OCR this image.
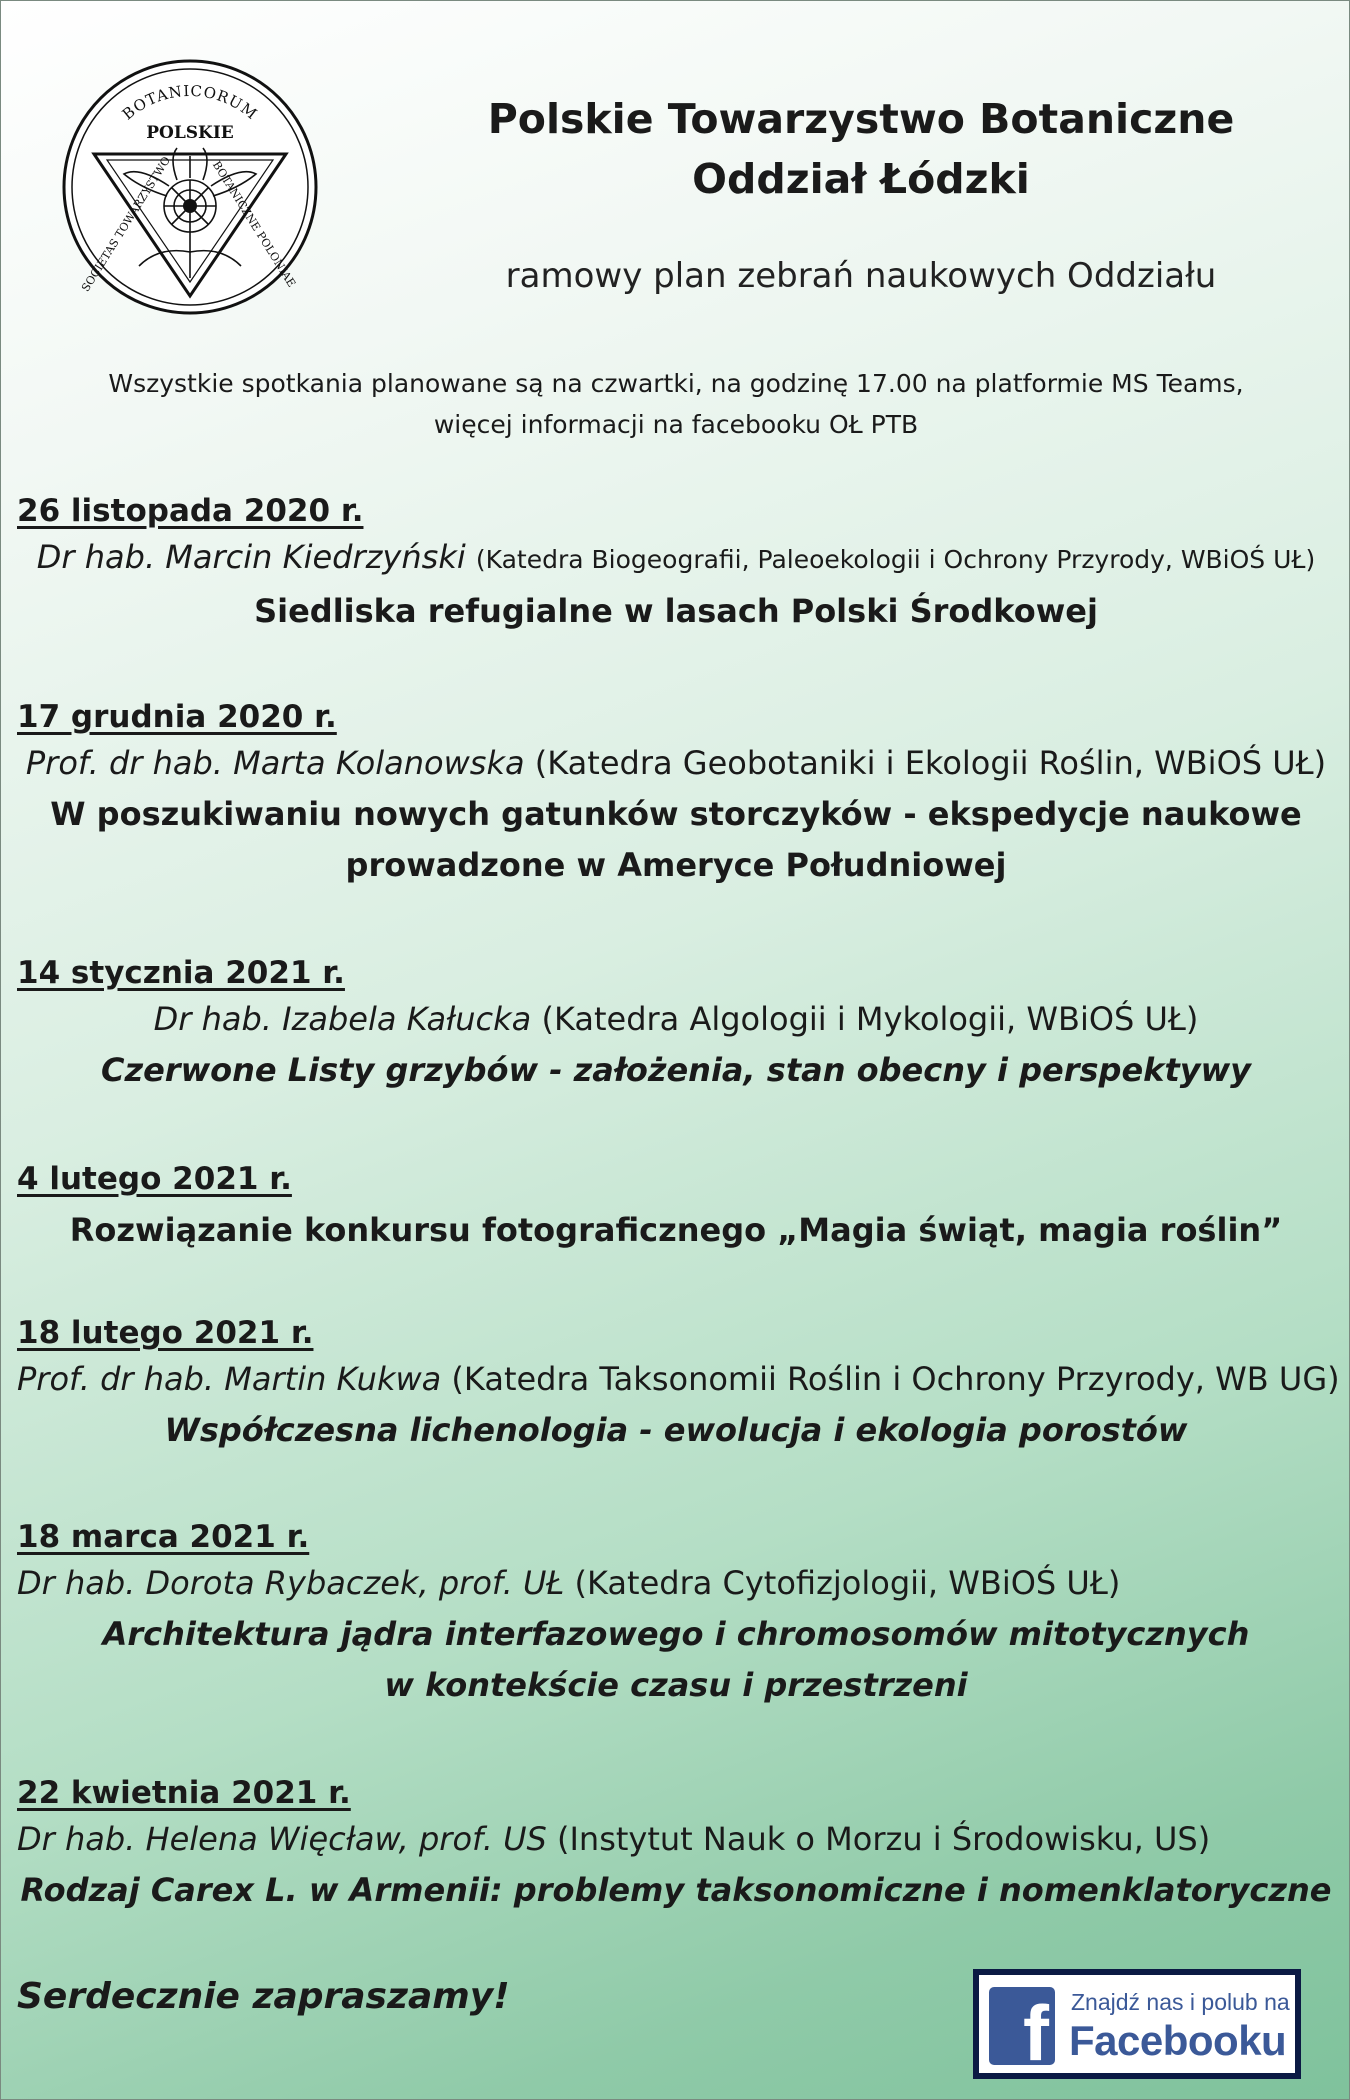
BOTANICORUM
POLSKIE
SOCIETAS TOWARZYSTWO	BOTANICZNE POLONIAE
Polskie Towarzystwo Botaniczne
Oddział Łódzki
ramowy plan zebrań naukowych Oddziału
Wszystkie spotkania planowane są na czwartki, na godzinę 17.00 na platformie MS Teams,
więcej informacji na facebooku OŁ PTB
26 listopada 2020 r.
Dr hab. Marcin Kiedrzyński (Katedra Biogeografii, Paleoekologii i Ochrony Przyrody, WBiOŚ UŁ)
Siedliska refugialne w lasach Polski Środkowej
17 grudnia 2020 r.
Prof. dr hab. Marta Kolanowska (Katedra Geobotaniki i Ekologii Roślin, WBiOŚ UŁ)
W poszukiwaniu nowych gatunków storczyków - ekspedycje naukowe
prowadzone w Ameryce Południowej
14 stycznia 2021 r.
Dr hab. Izabela Kałucka (Katedra Algologii i Mykologii, WBiOŚ UŁ)
Czerwone Listy grzybów - założenia, stan obecny i perspektywy
4 lutego 2021 r.
Rozwiązanie konkursu fotograficznego „Magia świąt, magia roślin”
18 lutego 2021 r.
Prof. dr hab. Martin Kukwa (Katedra Taksonomii Roślin i Ochrony Przyrody, WB UG)
Współczesna lichenologia - ewolucja i ekologia porostów
18 marca 2021 r.
Dr hab. Dorota Rybaczek, prof. UŁ (Katedra Cytofizjologii, WBiOŚ UŁ)
Architektura jądra interfazowego i chromosomów mitotycznych
w kontekście czasu i przestrzeni
22 kwietnia 2021 r.
Dr hab. Helena Więcław, prof. US (Instytut Nauk o Morzu i Środowisku, US)
Rodzaj Carex L. w Armenii: problemy taksonomiczne i nomenklatoryczne
Serdecznie zapraszamy!	f Znajdź nas i polub na
Facebooku
